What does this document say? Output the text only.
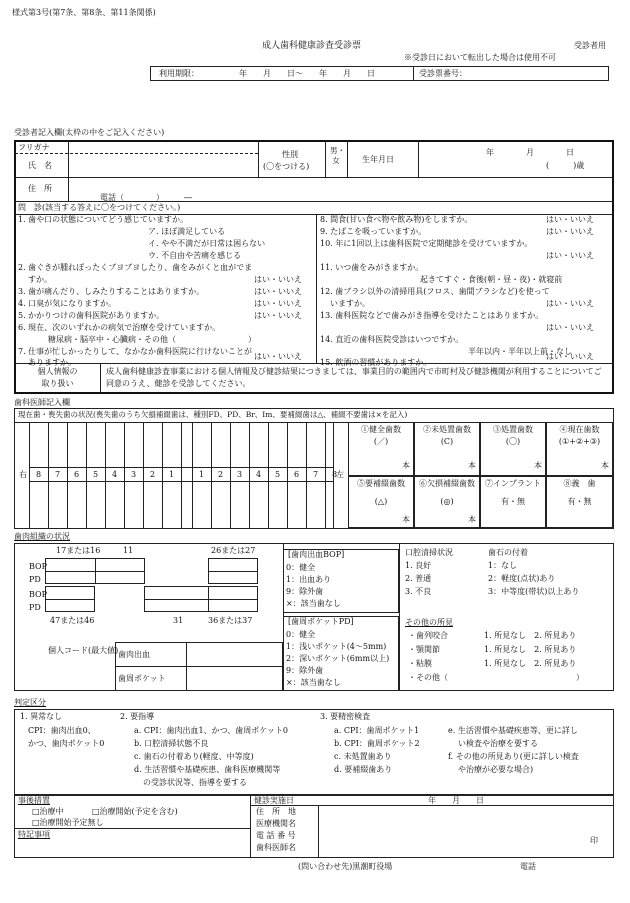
様式第3号(第7条、第8条、第11条関係)
成人歯科健康診査受診票	受診者用
※受診日において転出した場合は使用不可
利用期限：	年　　月　　日～　　年　　月　　日	受診票番号：
受診者記入欄(太枠の中をご記入ください)
フリガナ
氏　名
性別
(〇をつける)
男・女	生年月日
年　　　　月　　　　日
(　　　)歳
住　所
電話（　　　　）　　　―
問　診(該当する答えに〇をつけてください。)
1. 歯や口の状態についてどう感じていますか。
ア. ほぼ満足している
イ. やや不満だが日常は困らない
ウ. 不自由や苦痛を感じる
2. 歯ぐきが腫れぼったくブヨブヨしたり、歯をみがくと血がでま
すか。	はい・いいえ
3. 歯が痛んだり、しみたりすることはありますか。	はい・いいえ
4. 口臭が気になりますか。	はい・いいえ
5. かかりつけの歯科医院がありますか。	はい・いいえ
6. 現在、次のいずれかの病気で治療を受けていますか。
糖尿病・脳卒中・心臓病・その他（　　　　　　　　　）
7. 仕事が忙しかったりして、なかなか歯科医院に行けないことが
ありますか。
はい・いいえ
8. 間食(甘い食べ物や飲み物)をしますか。	はい・いいえ
9. たばこを吸っていますか。	はい・いいえ
10. 年に1回以上は歯科医院で定期健診を受けていますか。
はい・いいえ
11. いつ歯をみがきますか。
起きてすぐ・食後(朝・昼・夜)・就寝前
12. 歯ブラシ以外の清掃用具(フロス、歯間ブラシなど)を使って
いますか。	はい・いいえ
13. 歯科医院などで歯みがき指導を受けたことはありますか。
はい・いいえ
14. 直近の歯科医院受診はいつですか。
半年以内・半年以上前・なし
15. 飲酒の習慣がありますか。
はい・いいえ
個人情報の
取り扱い
成人歯科健康診査事業における個人情報及び健診結果につきましては、事業目的の範囲内で市町村及び健診機関が利用することについてご同意のうえ、健診を受診してください。
歯科医師記入欄
現在歯・喪失歯の状況(喪失歯のうち欠損補綴歯は、種別FD、PD、Br、Im、要補綴歯は△、補綴不要歯は×を記入)
右	左
8	7	6	5	4	3	2	1	1	2	3	4	5	6	7	8
①健全歯数
(／)
本
②未処置歯数
(C)
本
③処置歯数
(〇)
本
④現在歯数
(①+②+③)
本
⑤要補綴歯数
(△)
本
⑥欠損補綴歯数
(◎)
本
⑦インプラント
有・無
⑧義　歯
有・無
歯肉組織の状況
17または16	11	26または27
BOP
PD
BOP
PD
47または46	31	36または37
個人コード(最大値) 歯肉出血
歯周ポケット
[歯肉出血BOP]
0：健全
1：出血あり
9：除外歯
×：該当歯なし
[歯周ポケットPD]
0：健全
1：浅いポケット(4～5mm)
2：深いポケット(6mm以上)
9：除外歯
×：該当歯なし
口腔清掃状況
1. 良好
2. 普通
3. 不良
歯石の付着
1：なし
2：軽度(点状)あり
3：中等度(帯状)以上あり
その他の所見
・歯列咬合	1. 所見なし　2. 所見あり
・顎関節	1. 所見なし　2. 所見あり
・粘膜	1. 所見なし　2. 所見あり
・その他（　　　　　　　　　　　　　　　　）
判定区分
1. 異常なし
CPI：歯肉出血0、
かつ、歯肉ポケット0
2. 要指導
a. CPI：歯肉出血1、かつ、歯周ポケット0
b. 口腔清掃状態不良
c. 歯石の付着あり(軽度、中等度)
d. 生活習慣や基礎疾患、歯科医療機関等
の受診状況等、指導を要する
3. 要精密検査
a. CPI：歯周ポケット1
b. CPI：歯周ポケット2
c. 未処置歯あり
d. 要補綴歯あり
e. 生活習慣や基礎疾患等、更に詳し
い検査や治療を要する
f. その他の所見あり(更に詳しい検査
や治療が必要な場合)
事後措置
□治療中	□治療開始(予定を含む)
□治療開始予定無し
特記事項
健診実施日	年　　月　　日
住　所　地
医療機関名
電 話 番 号
歯科医師名
印
(問い合わせ先)黒潮町役場	電話
